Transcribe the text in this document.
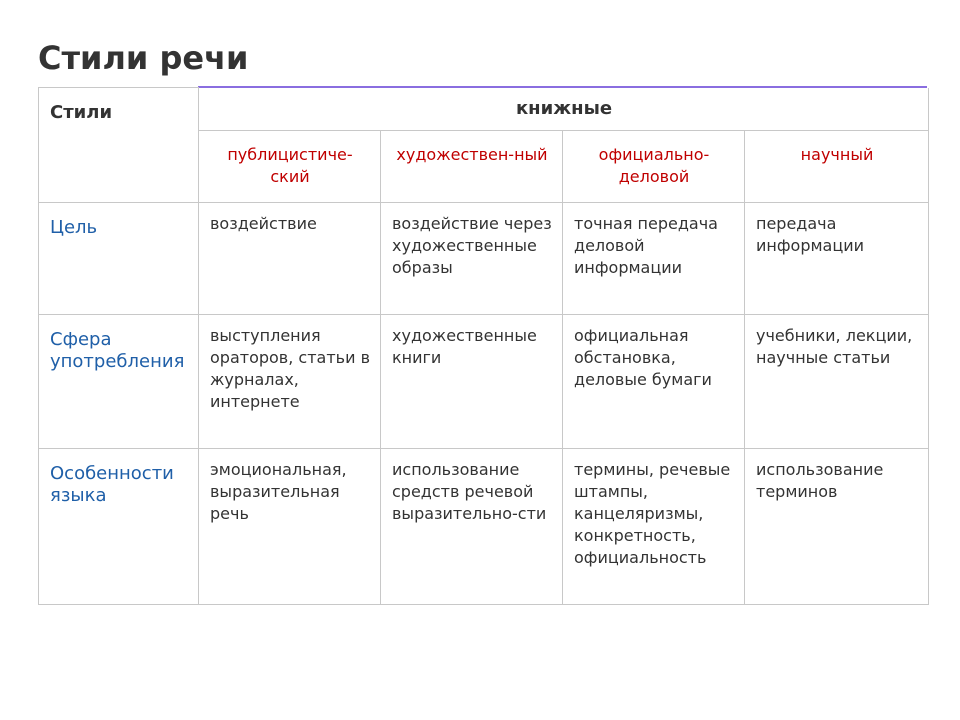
Стили речи
Стили	книжные			

	публицистиче-ский	художествен-ный	официально-деловой	научный

Цель	воздействие	воздействие через художественные образы	точная передача деловой информации	передача информации

Сфера употребления	выступления ораторов, статьи в журналах, интернете	художественные книги	официальная обстановка, деловые бумаги	учебники, лекции, научные статьи

Особенности языка	эмоциональная, выразительная речь	использование средств речевой выразительно-сти	термины, речевые штампы, канцеляризмы, конкретность, официальность	использование терминов
